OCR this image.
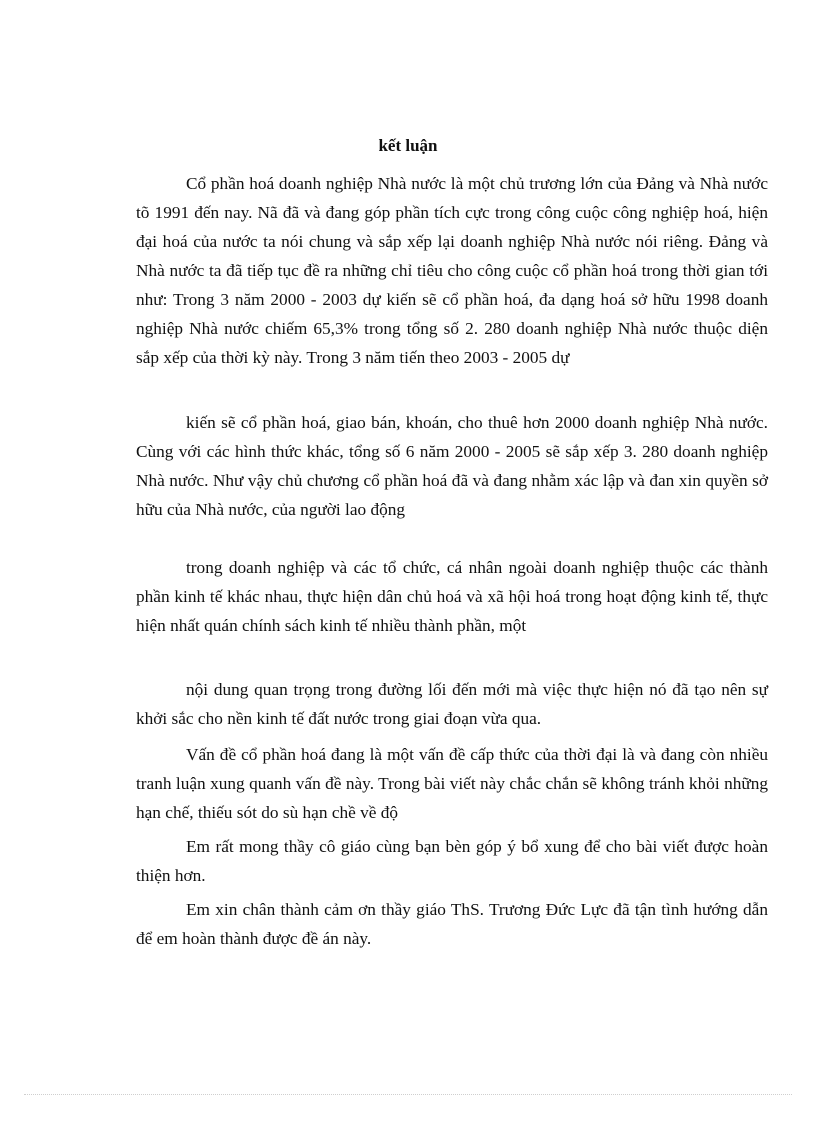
kết luận

Cổ phần hoá doanh nghiệp Nhà nước là một chủ trương lớn của Đảng và Nhà nước tõ 1991 đến nay. Nã đã và đang góp phần tích cực trong công cuộc công nghiệp hoá, hiện đại hoá của nước ta nói chung và sắp xếp lại doanh nghiệp Nhà nước nói riêng. Đảng và Nhà nước ta đã tiếp tục đề ra những chỉ tiêu cho công cuộc cổ phần hoá trong thời gian tới như: Trong 3 năm 2000 - 2003 dự kiến sẽ cổ phần hoá, đa dạng hoá sở hữu 1998 doanh nghiệp Nhà nước chiếm 65,3% trong tổng số 2. 280 doanh nghiệp Nhà nước thuộc diện sắp xếp của thời kỳ này. Trong 3 năm tiến theo 2003 - 2005 dự

kiến sẽ cổ phần hoá, giao bán, khoán, cho thuê hơn 2000 doanh nghiệp Nhà nước. Cùng với các hình thức khác, tổng số 6 năm 2000 - 2005 sẽ sắp xếp 3. 280 doanh nghiệp Nhà nước. Như vậy chủ chương cổ phần hoá đã và đang nhằm xác lập và đan xin quyền sở hữu của Nhà nước, của người lao động

trong doanh nghiệp và các tổ chức, cá nhân ngoài doanh nghiệp thuộc các thành phần kinh tế khác nhau, thực hiện dân chủ hoá và xã hội hoá trong hoạt động kinh tế, thực hiện nhất quán chính sách kinh tế nhiều thành phần, một

nội dung quan trọng trong đường lối đến mới mà việc thực hiện nó đã tạo nên sự khởi sắc cho nền kinh tế đất nước trong giai đoạn vừa qua.

Vấn đề cổ phần hoá đang là một vấn đề cấp thức của thời đại là và đang còn nhiều tranh luận xung quanh vấn đề này. Trong bài viết này chắc chắn sẽ không tránh khỏi những hạn chế, thiếu sót do sù hạn chề về độ

Em rất mong thầy cô giáo cùng bạn bèn góp ý bổ xung để cho bài viết được hoàn thiện hơn.

Em xin chân thành cảm ơn thầy giáo ThS. Trương Đức Lực đã tận tình hướng dẫn để em hoàn thành được đề án này.
